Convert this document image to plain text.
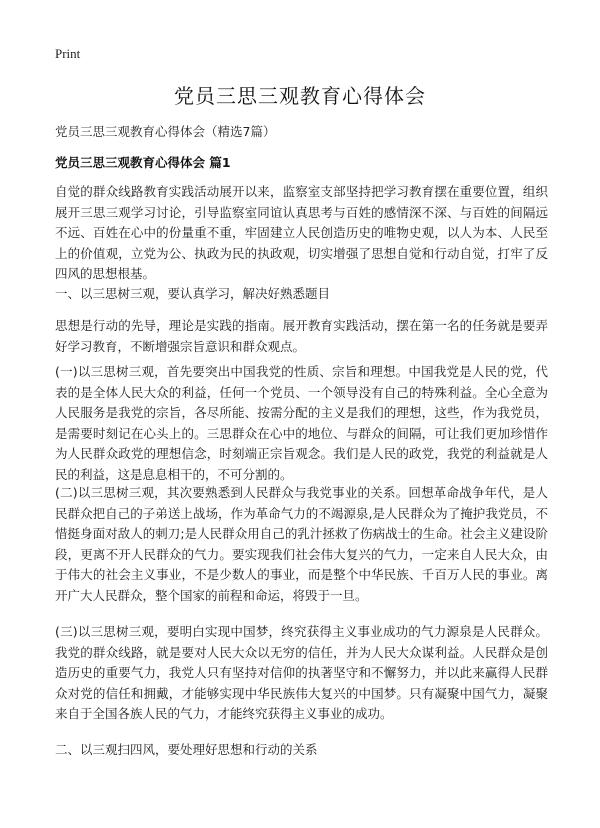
Print
党员三思三观教育心得体会
党员三思三观教育心得体会（精选7篇）
党员三思三观教育心得体会 篇1

自觉的群众线路教育实践活动展开以来，监察室支部坚持把学习教育摆在重要位置，组织展开三思三观学习讨论，引导监察室同谊认真思考与百姓的感情深不深、与百姓的间隔远不远、百姓在心中的份量重不重，牢固建立人民创造历史的唯物史观，以人为本、人民至上的价值观，立党为公、执政为民的执政观，切实增强了思想自觉和行动自觉，打牢了反四风的思想根基。

一、以三思树三观，要认真学习，解决好熟悉题目

思想是行动的先导，理论是实践的指南。展开教育实践活动，摆在第一名的任务就是要弄好学习教育，不断增强宗旨意识和群众观点。

(一)以三思树三观，首先要突出中国我党的性质、宗旨和理想。中国我党是人民的党，代表的是全体人民大众的利益，任何一个党员、一个领导没有自己的特殊利益。全心全意为人民服务是我党的宗旨，各尽所能、按需分配的主义是我们的理想，这些，作为我党员，是需要时刻记在心头上的。三思群众在心中的地位、与群众的间隔，可让我们更加珍惜作为人民群众政党的理想信念，时刻端正宗旨观念。我们是人民的政党，我党的利益就是人民的利益，这是息息相干的，不可分割的。

(二)以三思树三观，其次要熟悉到人民群众与我党事业的关系。回想革命战争年代，是人民群众把自己的子弟送上战场，作为革命气力的不竭源泉,是人民群众为了掩护我党员，不惜挺身面对敌人的刺刀;是人民群众用自己的乳汁拯救了伤病战士的生命。社会主义建设阶段，更离不开人民群众的气力。要实现我们社会伟大复兴的气力，一定来自人民大众，由于伟大的社会主义事业，不是少数人的事业，而是整个中华民族、千百万人民的事业。离开广大人民群众，整个国家的前程和命运，将毁于一旦。

(三)以三思树三观，要明白实现中国梦，终究获得主义事业成功的气力源泉是人民群众。我党的群众线路，就是要对人民大众以无穷的信任，并为人民大众谋利益。人民群众是创造历史的重要气力，我党人只有坚持对信仰的执著坚守和不懈努力，并以此来赢得人民群众对党的信任和拥戴，才能够实现中华民族伟大复兴的中国梦。只有凝聚中国气力，凝聚来自于全国各族人民的气力，才能终究获得主义事业的成功。

二、以三观扫四风，要处理好思想和行动的关系
